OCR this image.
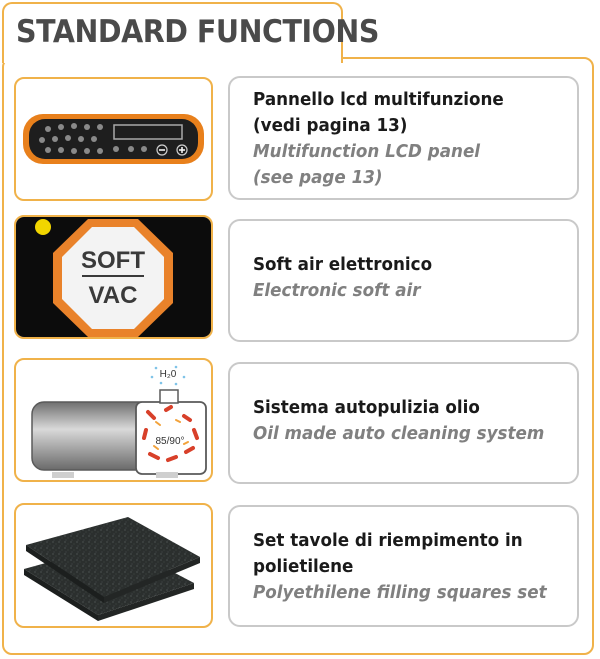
STANDARD FUNCTIONS
Pannello lcd multifunzione
(vedi pagina 13)
Multifunction LCD panel
(see page 13)
SOFT
VAC
Soft air elettronico
Electronic soft air
H₂0
85/90°
Sistema autopulizia olio
Oil made auto cleaning system
Set tavole di riempimento in
polietilene
Polyethilene filling squares set
